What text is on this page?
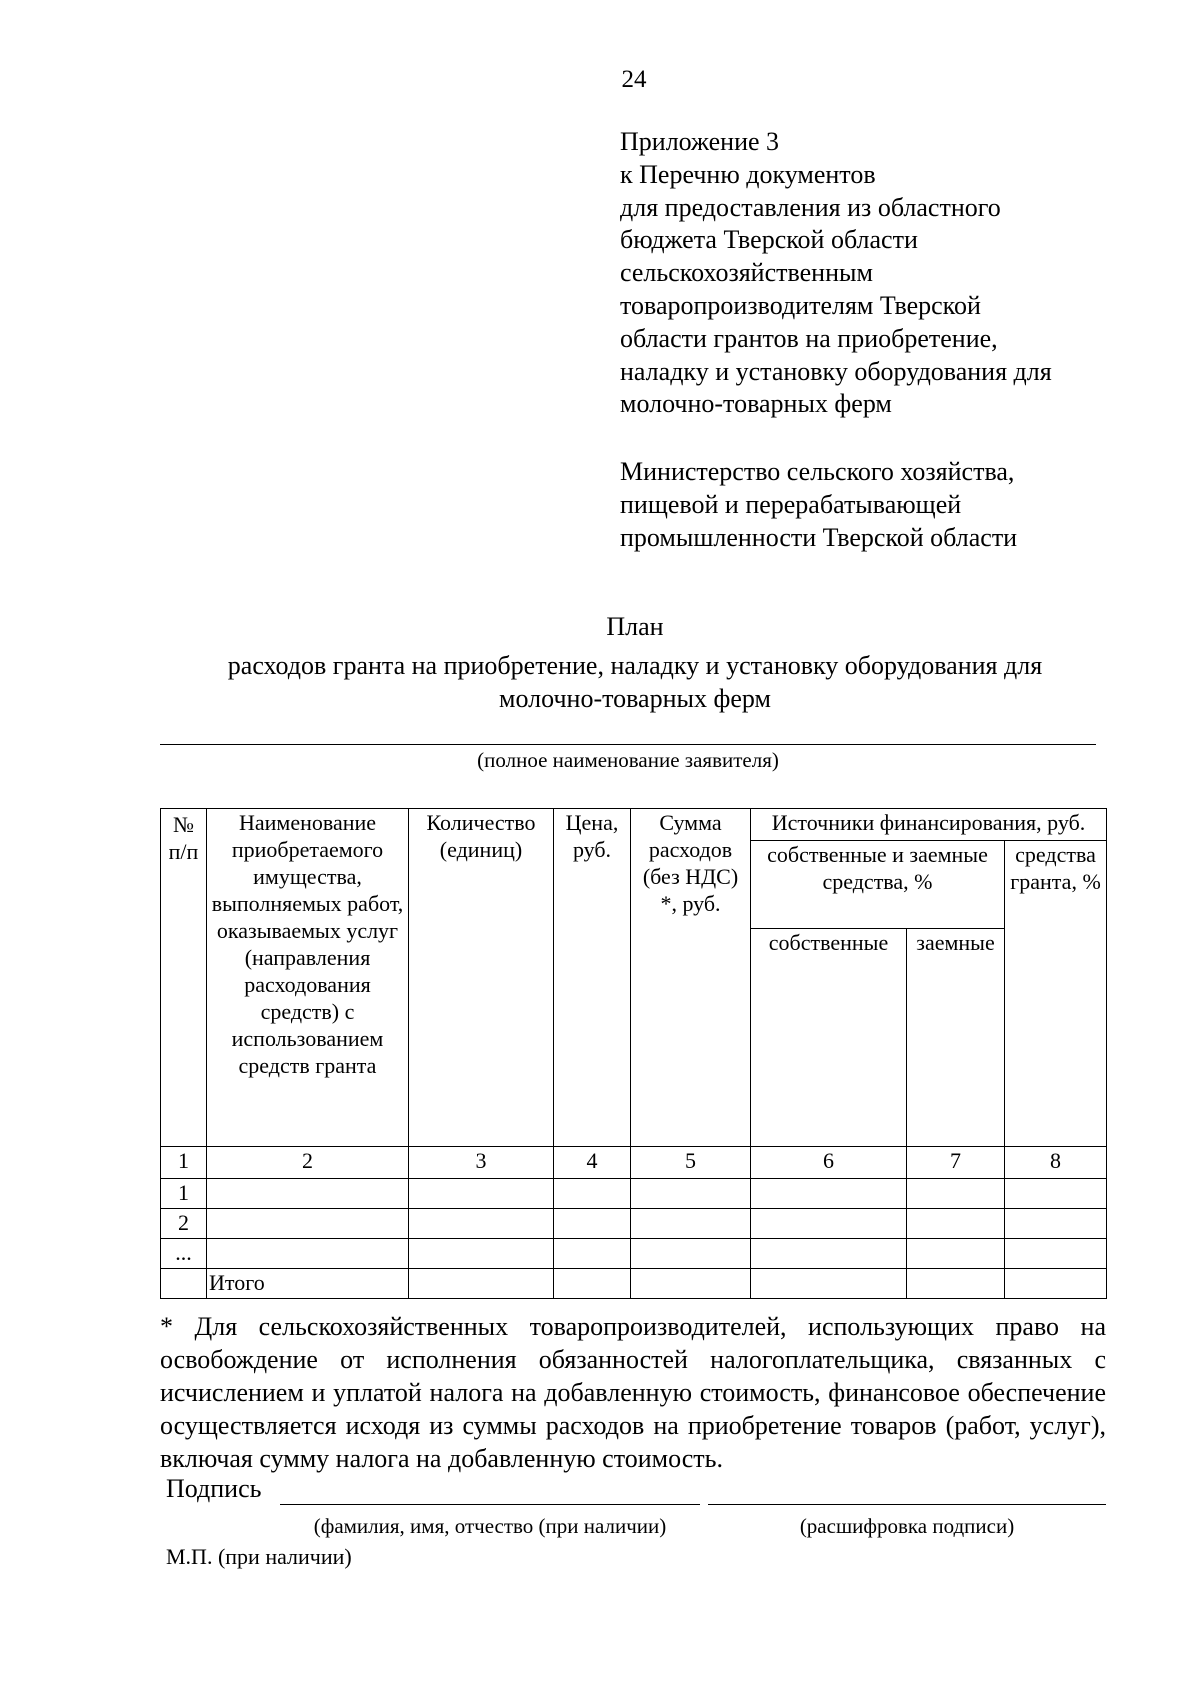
24
Приложение 3
к Перечню документов
для предоставления из областного
бюджета Тверской области
сельскохозяйственным
товаропроизводителям Тверской
области грантов на приобретение,
наладку и установку оборудования для
молочно-товарных ферм
Министерство сельского хозяйства,
пищевой и перерабатывающей
промышленности Тверской области
План
расходов гранта на приобретение, наладку и установку оборудования для
молочно-товарных ферм
(полное наименование заявителя)
№ п/п	Наименование приобретаемого имущества, выполняемых работ, оказываемых услуг (направления расходования средств) с использованием средств гранта	Количество (единиц)	Цена, руб.	Сумма расходов (без НДС) *, руб.	Источники финансирования, руб.		
					собственные и заемные средства, %		средства гранта, %
					собственные	заемные	
1	2	3	4	5	6	7	8
1							
2							
...							
	Итого						
* Для сельскохозяйственных товаропроизводителей, использующих право на освобождение от исполнения обязанностей налогоплательщика, связанных с исчислением и уплатой налога на добавленную стоимость, финансовое обеспечение осуществляется исходя из суммы расходов на приобретение товаров (работ, услуг), включая сумму налога на добавленную стоимость.
Подпись
(фамилия, имя, отчество (при наличии)	(расшифровка подписи)
М.П. (при наличии)
